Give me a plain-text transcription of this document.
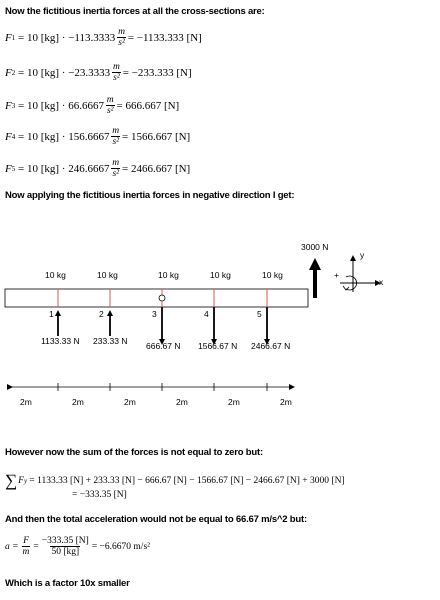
Now the fictitious inertia forces at all the cross-sections are:
F 1 = 10 $[kg] \cdot -113.3333 \frac{m}{\text{s²}} = -1133.333$ [N]
F 2 = 10 $[kg] \cdot -23.3333 \frac{m}{\text{s²}} = -233.333$ [N]
F 3 = 10 $[kg] \cdot 66.6667 \frac{m}{\text{s²}} = 666.667$ [N]
F 4 = 10 $[kg] \cdot 156.6667 \frac{m}{\text{s²}} = 1566.667$ [N]
F 5 = 10 $[kg] \cdot 246.6667 \frac{m}{\text{s²}} = 2466.667$ [N]
Now applying the fictitious inertia forces in negative direction I get:
3000 N
y
x
+
10 kg	10 kg	10 kg	10 kg	10 kg
1	2	3	4	5
1133.33 N 233.33 N 666.67 N 1566.67 N 2466.67 N
2m	2m	2m	2m	2m	2m
However now the sum of the forces is not equal to zero but:
∑ F y
= 1133.33 [N] + 233.33 [N] − 666.67 [N] − 1566.67 [N] − 2466.67 [N] + 3000 [N]
= −333.35 [N]
And then the total acceleration would not be equal to 66.67 m/s^2 but:
$a = \frac{F}{m} = \frac{-333.35 [N]}{50 [kg]} = -6.6670$ m/s²
Which is a factor 10x smaller
